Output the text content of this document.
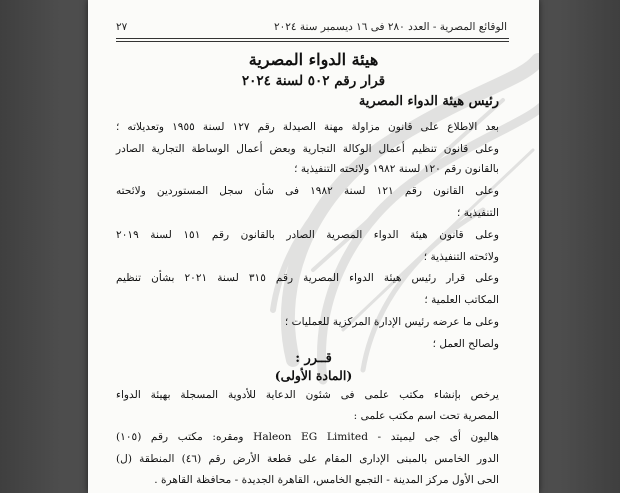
الوقائع المصرية - العدد ٢٨٠ فى ١٦ ديسمبر سنة ٢٠٢٤
٢٧
هيئة الدواء المصرية
قرار رقم ٥٠٢ لسنة ٢٠٢٤
رئيس هيئة الدواء المصرية
بعد الاطلاع على قانون مزاولة مهنة الصيدلة رقم ١٢٧ لسنة ١٩٥٥ وتعديلاته ؛
وعلى قانون تنظيم أعمال الوكالة التجارية وبعض أعمال الوساطة التجارية الصادر
بالقانون رقم ١٢٠ لسنة ١٩٨٢ ولائحته التنفيذية ؛
وعلى القانون رقم ١٢١ لسنة ١٩٨٢ فى شأن سجل المستوردين ولائحته
التنفيذية ؛
وعلى قانون هيئة الدواء المصرية الصادر بالقانون رقم ١٥١ لسنة ٢٠١٩
ولائحته التنفيذية ؛
وعلى قرار رئيس هيئة الدواء المصرية رقم ٣١٥ لسنة ٢٠٢١ بشأن تنظيم
المكاتب العلمية ؛
وعلى ما عرضه رئيس الإدارة المركزية للعمليات ؛
ولصالح العمل ؛
قــرر :
(المادة الأولى)
يرخص بإنشاء مكتب علمى فى شئون الدعاية للأدوية المسجلة بهيئة الدواء
المصرية تحت اسم مكتب علمى :
هاليون أى جى ليميتد - Haleon EG Limited ومقره: مكتب رقم (١٠٥)
الدور الخامس بالمبنى الإدارى المقام على قطعة الأرض رقم (٤٦) المنطقة (ل)
الحى الأول مركز المدينة - التجمع الخامس، القاهرة الجديدة - محافظة القاهرة .
